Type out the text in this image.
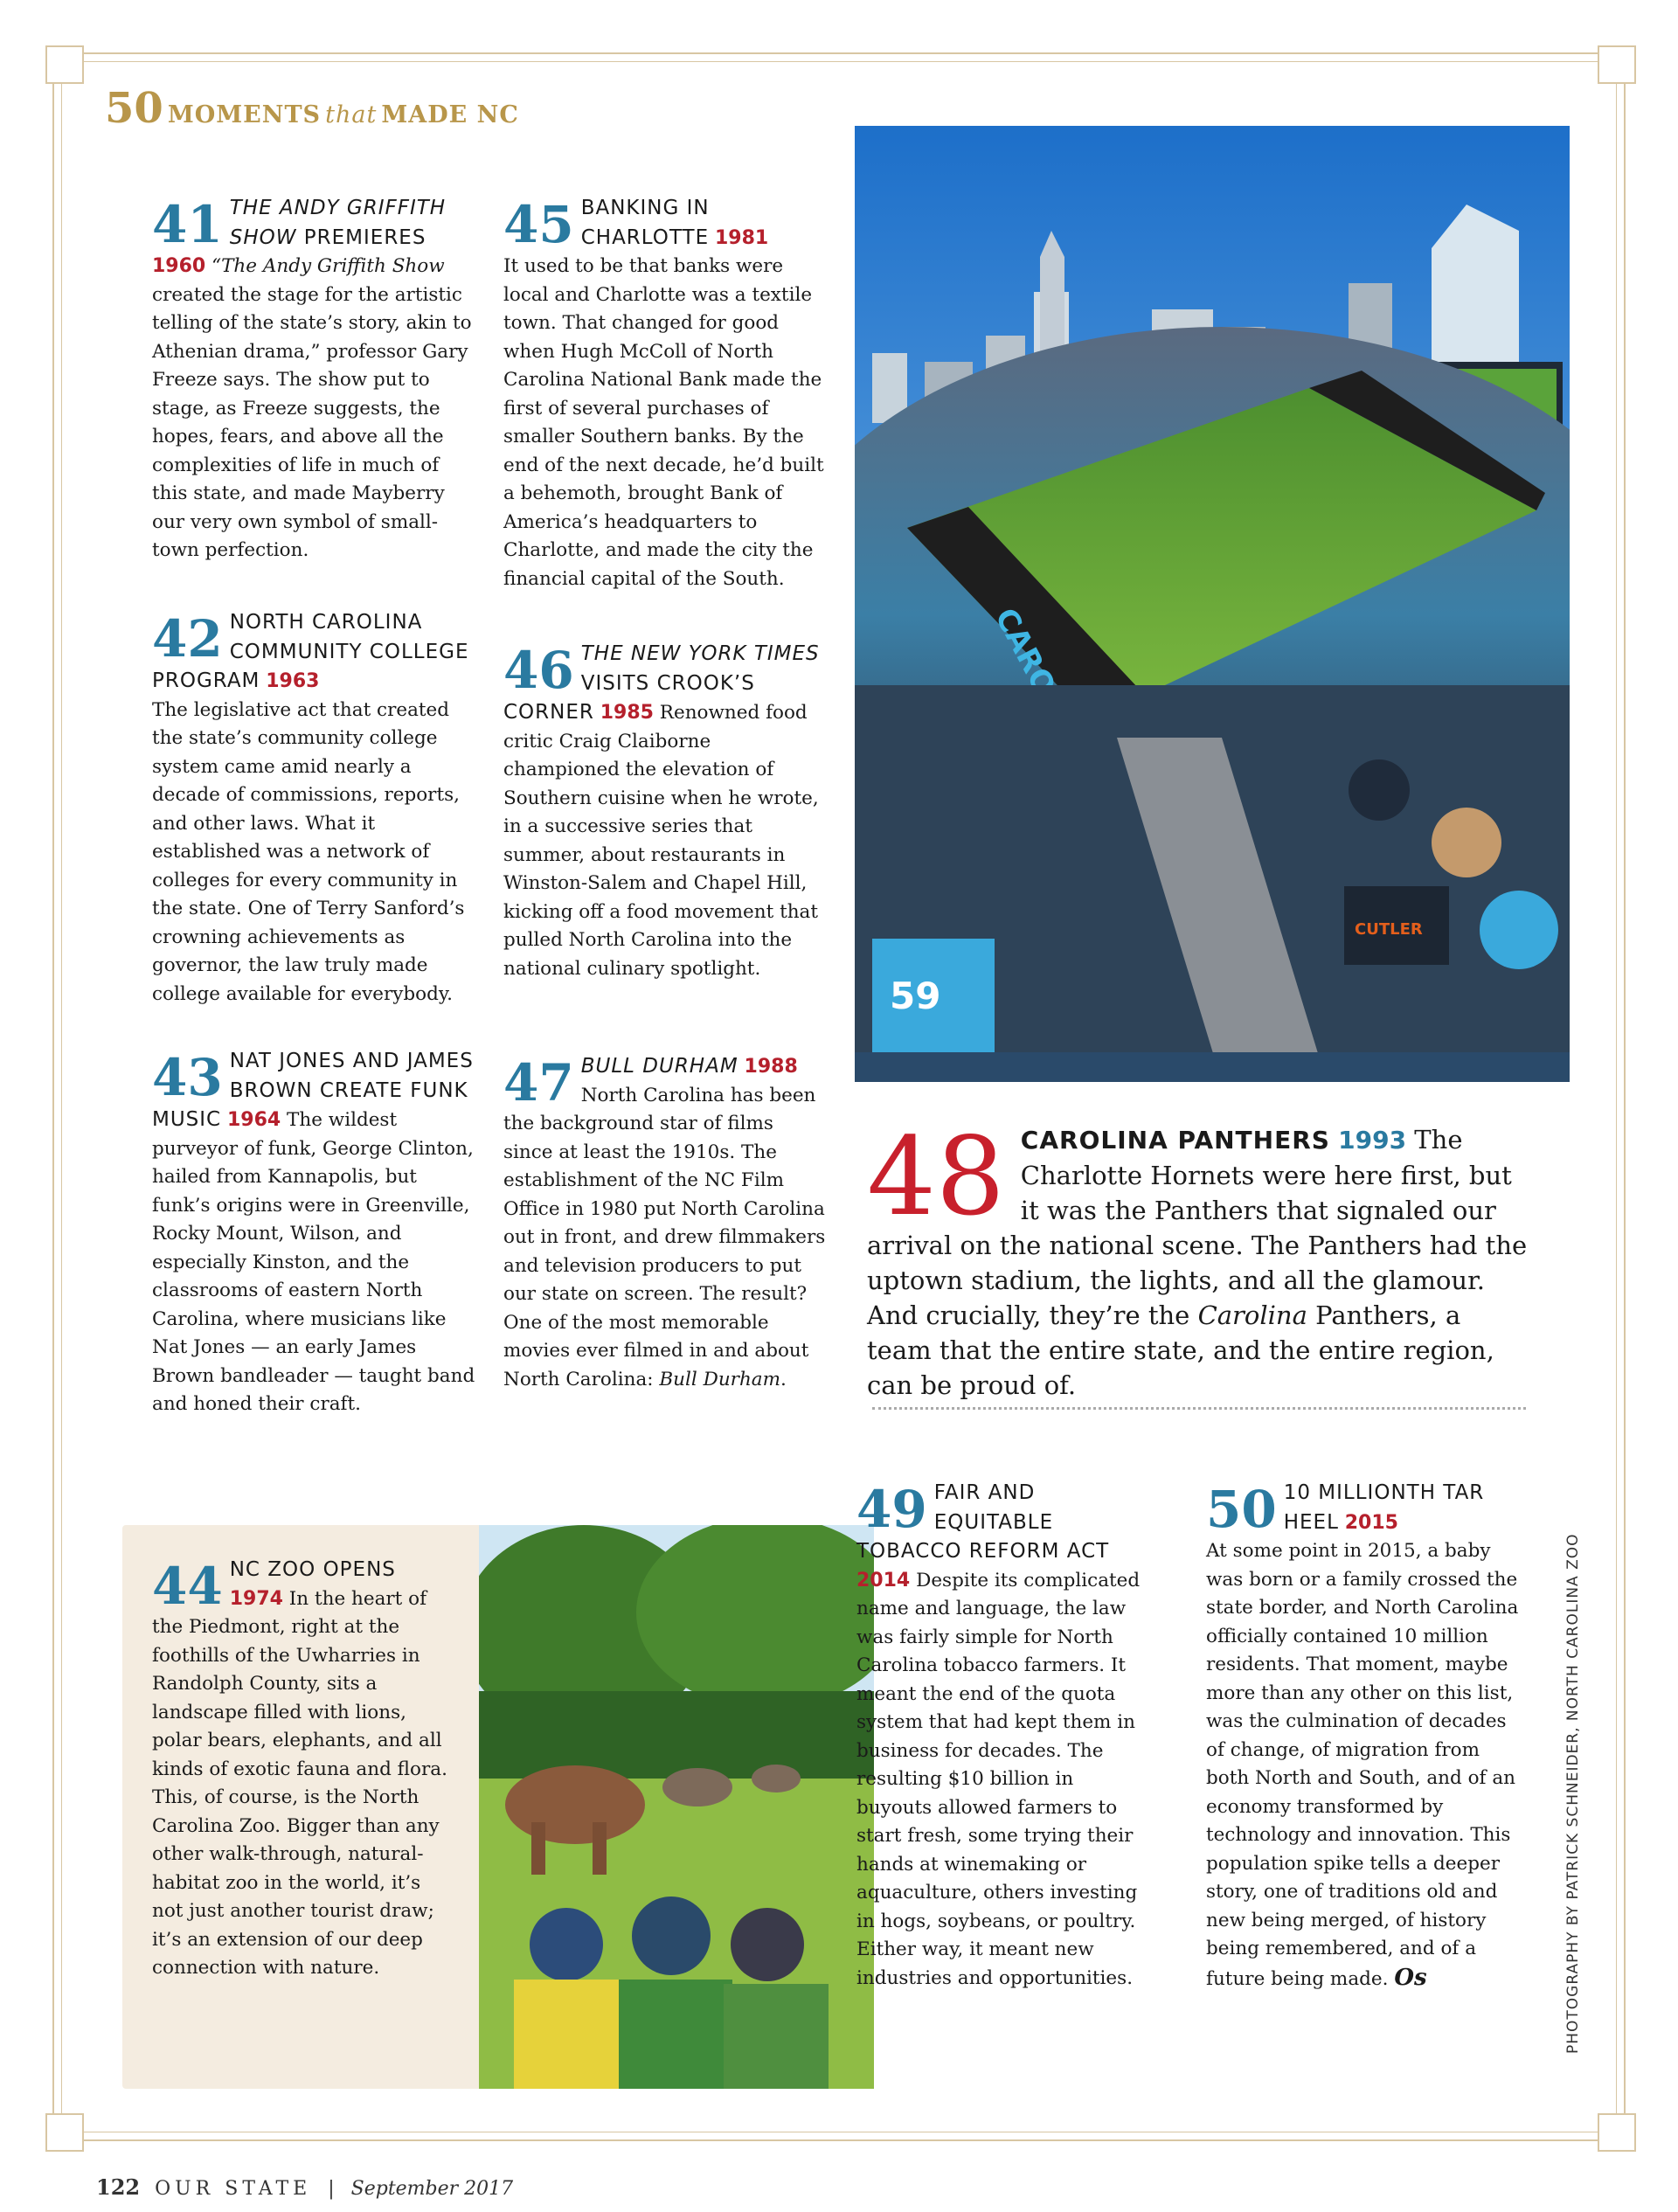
50 MOMENTS that MADE NC
41 THE ANDY GRIFFITH SHOW PREMIERES 1960 “The Andy Griffith Show created the stage for the artistic telling of the state’s story, akin to Athenian drama,” professor Gary Freeze says. The show put to stage, as Freeze suggests, the hopes, fears, and above all the complexities of life in much of this state, and made Mayberry our very own symbol of small-town perfection.
42 NORTH CAROLINA COMMUNITY COLLEGE PROGRAM 1963
The legislative act that created the state’s community college system came amid nearly a decade of commissions, reports, and other laws. What it established was a network of colleges for every community in the state. One of Terry Sanford’s crowning achievements as governor, the law truly made college available for everybody.
43 NAT JONES AND JAMES BROWN CREATE FUNK MUSIC 1964 The wildest purveyor of funk, George Clinton, hailed from Kannapolis, but funk’s origins were in Greenville, Rocky Mount, Wilson, and especially Kinston, and the classrooms of eastern North Carolina, where musicians like Nat Jones — an early James Brown bandleader — taught band and honed their craft.
45 BANKING IN CHARLOTTE 1981
It used to be that banks were local and Charlotte was a textile town. That changed for good when Hugh McColl of North Carolina National Bank made the first of several purchases of smaller Southern banks. By the end of the next decade, he’d built a behemoth, brought Bank of America’s headquarters to Charlotte, and made the city the financial capital of the South.
46 THE NEW YORK TIMES VISITS CROOK’S CORNER 1985 Renowned food critic Craig Claiborne championed the elevation of Southern cuisine when he wrote, in a successive series that summer, about restaurants in Winston-Salem and Chapel Hill, kicking off a food movement that pulled North Carolina into the national culinary spotlight.
47 BULL DURHAM 1988
North Carolina has been the background star of films since at least the 1910s. The establishment of the NC Film Office in 1980 put North Carolina out in front, and drew filmmakers and television producers to put our state on screen. The result? One of the most memorable movies ever filmed in and about North Carolina: Bull Durham.
59
CUTLER
48 CAROLINA PANTHERS 1993 The Charlotte Hornets were here first, but it was the Panthers that signaled our arrival on the national scene. The Panthers had the uptown stadium, the lights, and all the glamour. And crucially, they’re the Carolina Panthers, a team that the entire state, and the entire region, can be proud of.
44 NC ZOO OPENS
1974 In the heart of the Piedmont, right at the foothills of the Uwharries in Randolph County, sits a landscape filled with lions, polar bears, elephants, and all kinds of exotic fauna and flora. This, of course, is the North Carolina Zoo. Bigger than any other walk-through, natural-habitat zoo in the world, it’s not just another tourist draw; it’s an extension of our deep connection with nature.
49 FAIR AND EQUITABLE TOBACCO REFORM ACT 2014 Despite its complicated name and language, the law was fairly simple for North Carolina tobacco farmers. It meant the end of the quota system that had kept them in business for decades. The resulting $10 billion in buyouts allowed farmers to start fresh, some trying their hands at winemaking or aquaculture, others investing in hogs, soybeans, or poultry. Either way, it meant new industries and opportunities.
50 10 MILLIONTH TAR HEEL 2015
At some point in 2015, a baby was born or a family crossed the state border, and North Carolina officially contained 10 million residents. That moment, maybe more than any other on this list, was the culmination of decades of change, of migration from both North and South, and of an economy transformed by technology and innovation. This population spike tells a deeper story, one of traditions old and new being merged, of history being remembered, and of a future being made. Os	PHOTOGRAPHY BY PATRICK SCHNEIDER, NORTH CAROLINA ZOO
122 OUR STATE | September 2017
